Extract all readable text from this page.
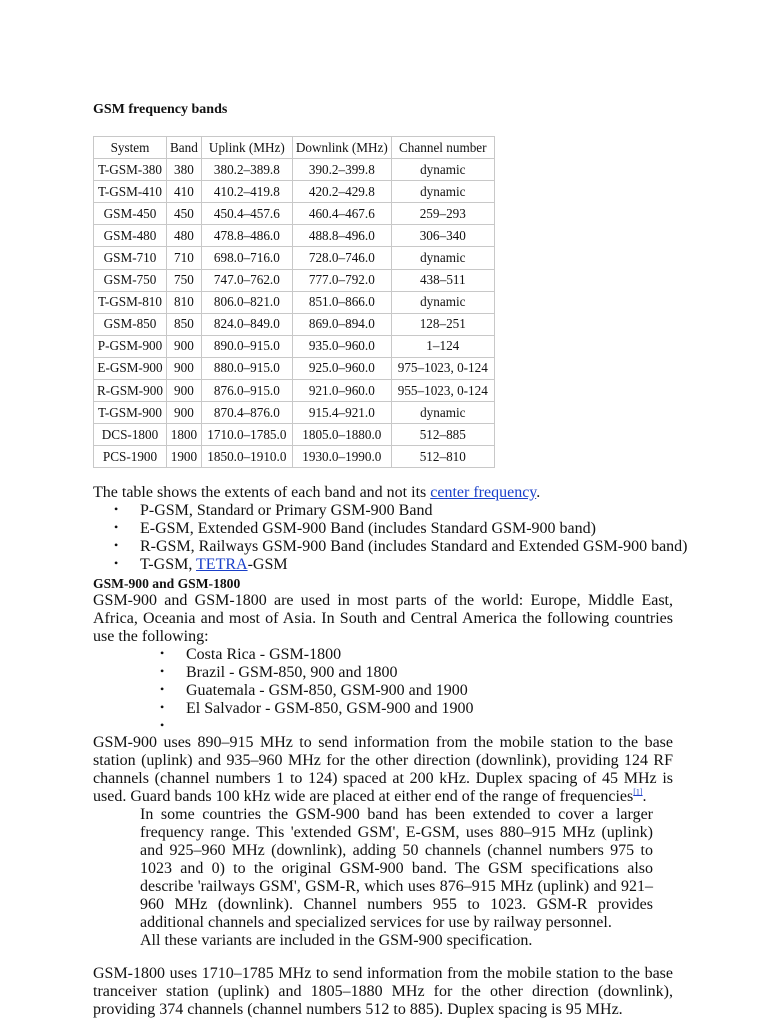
GSM frequency bands
System	Band	Uplink (MHz)	Downlink (MHz)	Channel number
T-GSM-380	380	380.2–389.8	390.2–399.8	dynamic
T-GSM-410	410	410.2–419.8	420.2–429.8	dynamic
GSM-450	450	450.4–457.6	460.4–467.6	259–293
GSM-480	480	478.8–486.0	488.8–496.0	306–340
GSM-710	710	698.0–716.0	728.0–746.0	dynamic
GSM-750	750	747.0–762.0	777.0–792.0	438–511
T-GSM-810	810	806.0–821.0	851.0–866.0	dynamic
GSM-850	850	824.0–849.0	869.0–894.0	128–251
P-GSM-900	900	890.0–915.0	935.0–960.0	1–124
E-GSM-900	900	880.0–915.0	925.0–960.0	975–1023, 0-124
R-GSM-900	900	876.0–915.0	921.0–960.0	955–1023, 0-124
T-GSM-900	900	870.4–876.0	915.4–921.0	dynamic
DCS-1800	1800	1710.0–1785.0	1805.0–1880.0	512–885
PCS-1900	1900	1850.0–1910.0	1930.0–1990.0	512–810

The table shows the extents of each band and not its center frequency.

• P-GSM, Standard or Primary GSM-900 Band
• E-GSM, Extended GSM-900 Band (includes Standard GSM-900 band)
• R-GSM, Railways GSM-900 Band (includes Standard and Extended GSM-900 band)
• T-GSM, TETRA-GSM
GSM-900 and GSM-1800

GSM-900 and GSM-1800 are used in most parts of the world: Europe, Middle East, Africa, Oceania and most of Asia. In South and Central America the following countries use the following:

• Costa Rica - GSM-1800
• Brazil - GSM-850, 900 and 1800
• Guatemala - GSM-850, GSM-900 and 1900
• El Salvador - GSM-850, GSM-900 and 1900
•

GSM-900 uses 890–915 MHz to send information from the mobile station to the base station (uplink) and 935–960 MHz for the other direction (downlink), providing 124 RF channels (channel numbers 1 to 124) spaced at 200 kHz. Duplex spacing of 45 MHz is used. Guard bands 100 kHz wide are placed at either end of the range of frequencies[1].

In some countries the GSM-900 band has been extended to cover a larger frequency range. This 'extended GSM', E-GSM, uses 880–915 MHz (uplink) and 925–960 MHz (downlink), adding 50 channels (channel numbers 975 to 1023 and 0) to the original GSM-900 band. The GSM specifications also describe 'railways GSM', GSM-R, which uses 876–915 MHz (uplink) and 921–960 MHz (downlink). Channel numbers 955 to 1023. GSM-R provides additional channels and specialized services for use by railway personnel.

All these variants are included in the GSM-900 specification.

GSM-1800 uses 1710–1785 MHz to send information from the mobile station to the base tranceiver station (uplink) and 1805–1880 MHz for the other direction (downlink), providing 374 channels (channel numbers 512 to 885). Duplex spacing is 95 MHz.
